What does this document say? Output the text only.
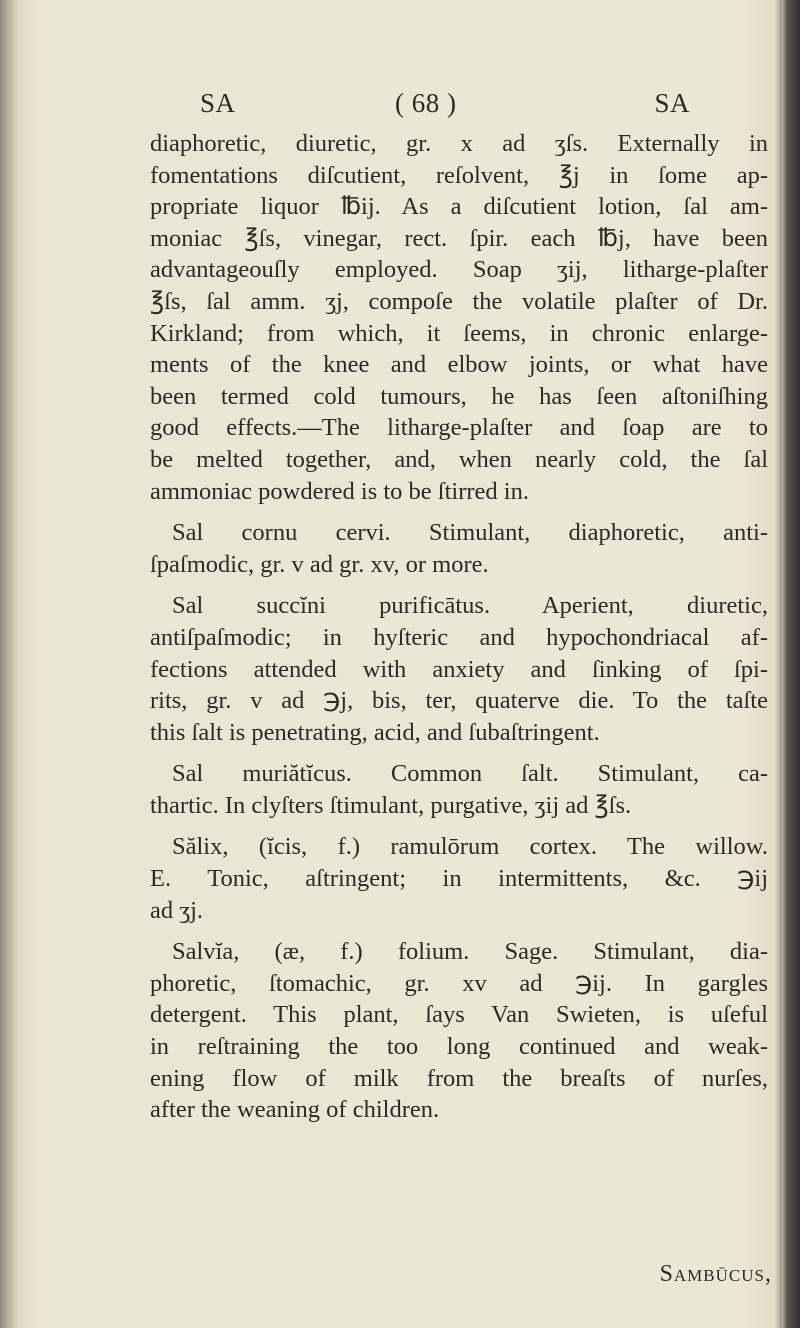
SA	( 68 )	SA

diaphoretic, diuretic, gr. x ad ʒſs. Externally in
fomentations diſcutient, reſolvent, ℥j in ſome ap-
propriate liquor ℔ij. As a diſcutient lotion, ſal am-
moniac ℥ſs, vinegar, rect. ſpir. each ℔j, have been
advantageouſly employed. Soap ʒij, litharge-plaſter
℥ſs, ſal amm. ʒj, compoſe the volatile plaſter of Dr.
Kirkland; from which, it ſeems, in chronic enlarge-
ments of the knee and elbow joints, or what have
been termed cold tumours, he has ſeen aſtoniſhing
good effects.—The litharge-plaſter and ſoap are to
be melted together, and, when nearly cold, the ſal
ammoniac powdered is to be ſtirred in.

Sal cornu cervi. Stimulant, diaphoretic, anti-
ſpaſmodic, gr. v ad gr. xv, or more.

Sal succĭni purificātus. Aperient, diuretic,
antiſpaſmodic; in hyſteric and hypochondriacal af-
fections attended with anxiety and ſinking of ſpi-
rits, gr. v ad ℈j, bis, ter, quaterve die. To the taſte
this ſalt is penetrating, acid, and ſubaſtringent.

Sal muriătĭcus. Common ſalt. Stimulant, ca-
thartic. In clyſters ſtimulant, purgative, ʒij ad ℥ſs.

Sălix, (ĭcis, f.) ramulōrum cortex. The willow.
E. Tonic, aſtringent; in intermittents, &c. ℈ij
ad ʒj.

Salvĭa, (æ, f.) folium. Sage. Stimulant, dia-
phoretic, ſtomachic, gr. xv ad ℈ij. In gargles
detergent. This plant, ſays Van Swieten, is uſeful
in reſtraining the too long continued and weak-
ening flow of milk from the breaſts of nurſes,
after the weaning of children.

Sambūcus,
